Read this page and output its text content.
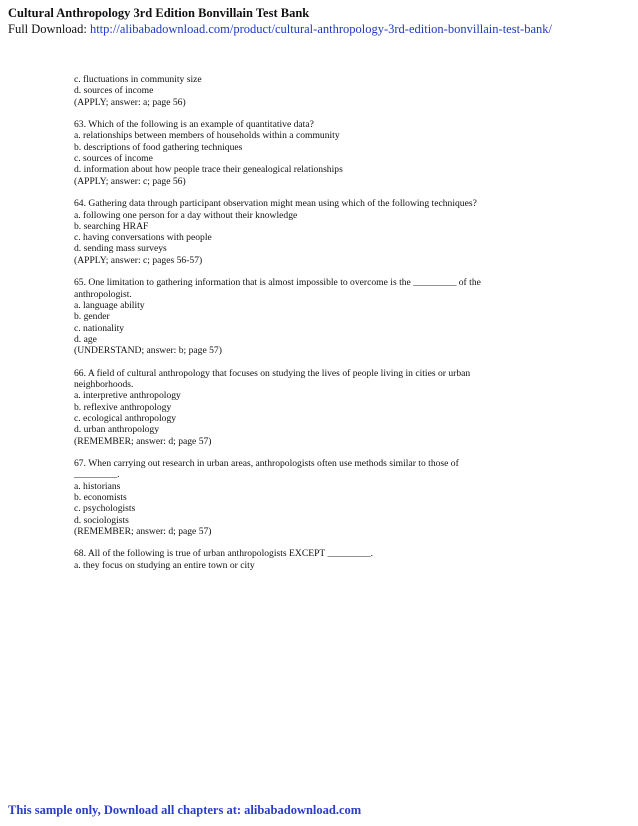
Cultural Anthropology 3rd Edition Bonvillain Test Bank
Full Download: http://alibabadownload.com/product/cultural-anthropology-3rd-edition-bonvillain-test-bank/
c. fluctuations in community size
d. sources of income
(APPLY; answer: a; page 56)
63. Which of the following is an example of quantitative data?
a. relationships between members of households within a community
b. descriptions of food gathering techniques
c. sources of income
d. information about how people trace their genealogical relationships
(APPLY; answer: c; page 56)
64. Gathering data through participant observation might mean using which of the following techniques?
a. following one person for a day without their knowledge
b. searching HRAF
c. having conversations with people
d. sending mass surveys
(APPLY; answer: c; pages 56-57)
65. One limitation to gathering information that is almost impossible to overcome is the _________ of the
anthropologist.
a. language ability
b. gender
c. nationality
d. age
(UNDERSTAND; answer: b; page 57)
66. A field of cultural anthropology that focuses on studying the lives of people living in cities or urban
neighborhoods.
a. interpretive anthropology
b. reflexive anthropology
c. ecological anthropology
d. urban anthropology
(REMEMBER; answer: d; page 57)
67. When carrying out research in urban areas, anthropologists often use methods similar to those of
_________.
a. historians
b. economists
c. psychologists
d. sociologists
(REMEMBER; answer: d; page 57)
68. All of the following is true of urban anthropologists EXCEPT _________.
a. they focus on studying an entire town or city
This sample only, Download all chapters at: alibabadownload.com
